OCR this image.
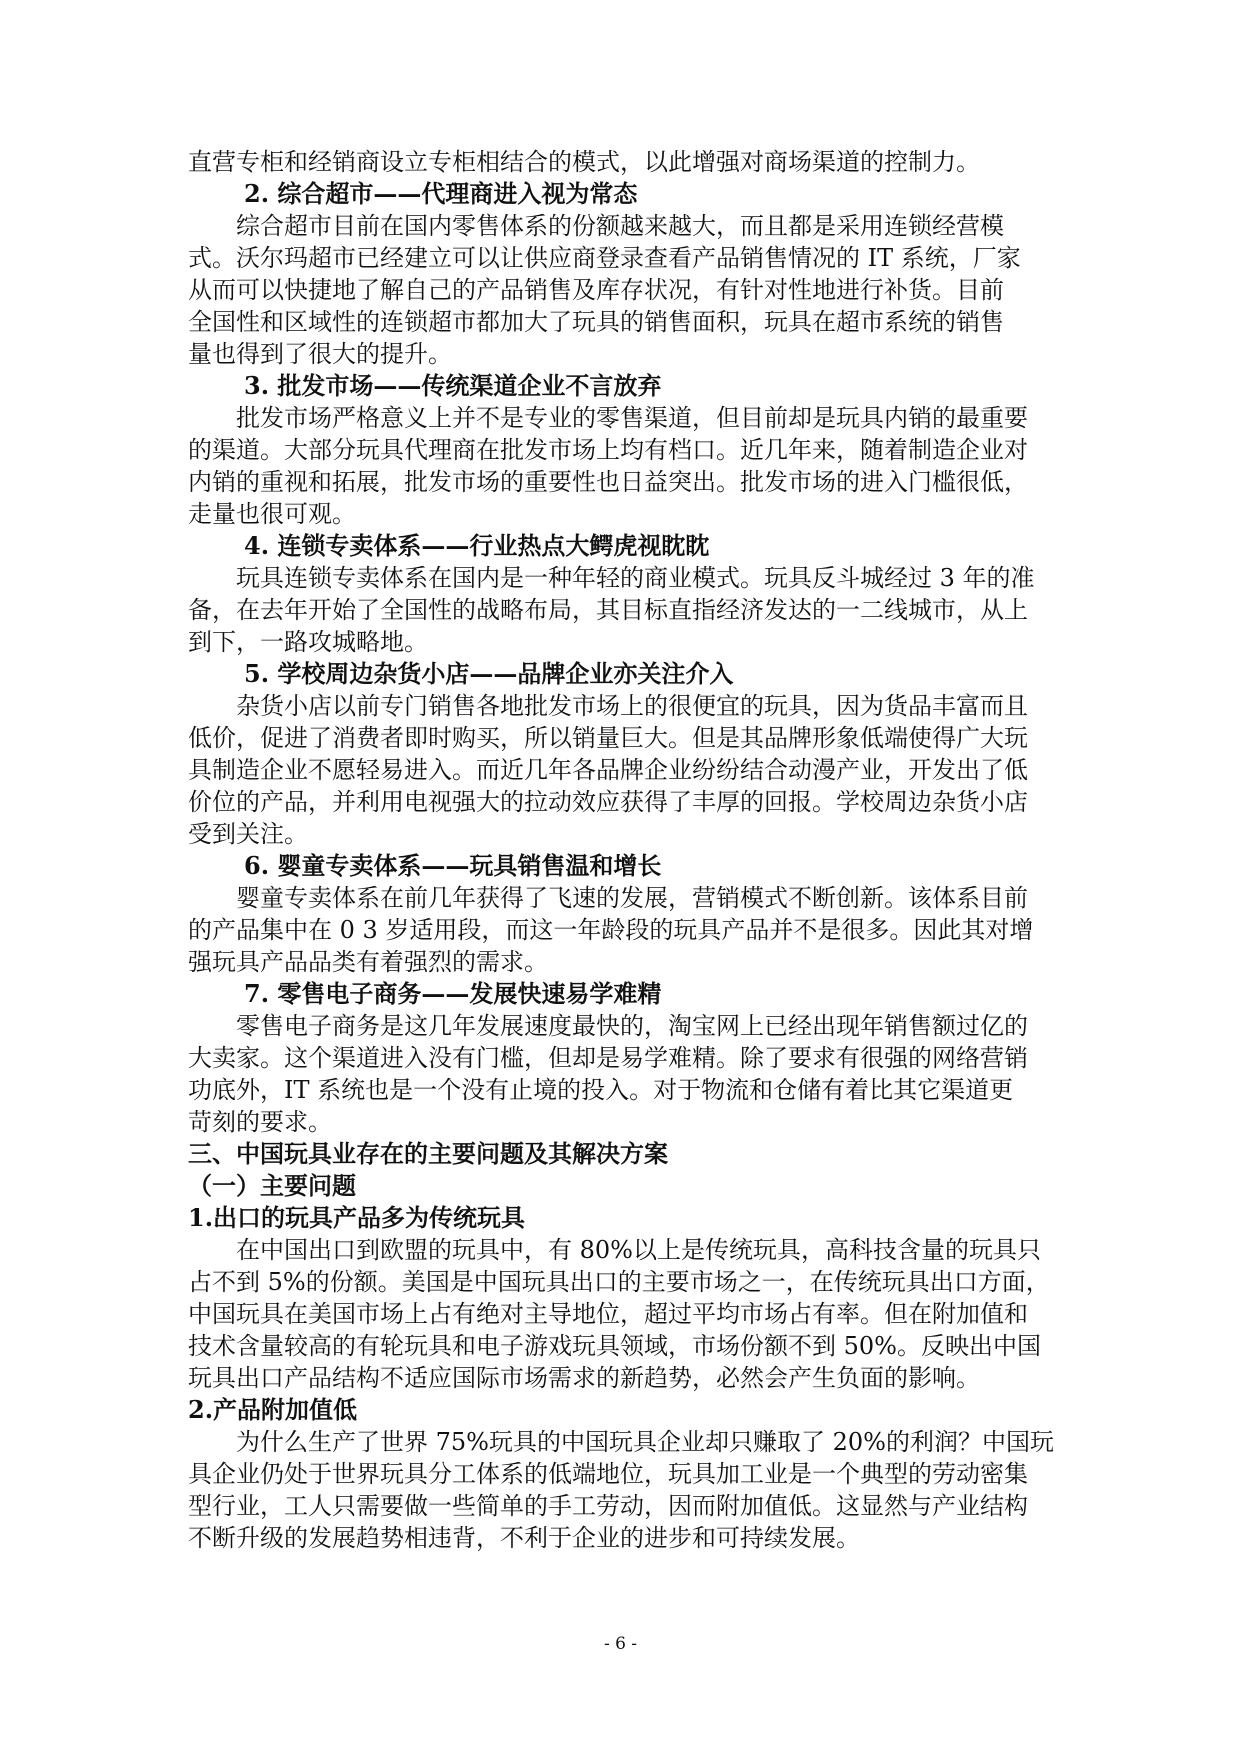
直营专柜和经销商设立专柜相结合的模式，以此增强对商场渠道的控制力。
2. 综合超市——代理商进入视为常态
综合超市目前在国内零售体系的份额越来越大，而且都是采用连锁经营模
式。沃尔玛超市已经建立可以让供应商登录查看产品销售情况的 IT 系统，厂家
从而可以快捷地了解自己的产品销售及库存状况，有针对性地进行补货。目前
全国性和区域性的连锁超市都加大了玩具的销售面积，玩具在超市系统的销售
量也得到了很大的提升。
3. 批发市场——传统渠道企业不言放弃
批发市场严格意义上并不是专业的零售渠道，但目前却是玩具内销的最重要
的渠道。大部分玩具代理商在批发市场上均有档口。近几年来，随着制造企业对
内销的重视和拓展，批发市场的重要性也日益突出。批发市场的进入门槛很低，
走量也很可观。
4. 连锁专卖体系——行业热点大鳄虎视眈眈
玩具连锁专卖体系在国内是一种年轻的商业模式。玩具反斗城经过 3 年的准
备，在去年开始了全国性的战略布局，其目标直指经济发达的一二线城市，从上
到下，一路攻城略地。
5. 学校周边杂货小店——品牌企业亦关注介入
杂货小店以前专门销售各地批发市场上的很便宜的玩具，因为货品丰富而且
低价，促进了消费者即时购买，所以销量巨大。但是其品牌形象低端使得广大玩
具制造企业不愿轻易进入。而近几年各品牌企业纷纷结合动漫产业，开发出了低
价位的产品，并利用电视强大的拉动效应获得了丰厚的回报。学校周边杂货小店
受到关注。
6. 婴童专卖体系——玩具销售温和增长
婴童专卖体系在前几年获得了飞速的发展，营销模式不断创新。该体系目前
的产品集中在 0 3 岁适用段，而这一年龄段的玩具产品并不是很多。因此其对增
强玩具产品品类有着强烈的需求。
7. 零售电子商务——发展快速易学难精
零售电子商务是这几年发展速度最快的，淘宝网上已经出现年销售额过亿的
大卖家。这个渠道进入没有门槛，但却是易学难精。除了要求有很强的网络营销
功底外，IT 系统也是一个没有止境的投入。对于物流和仓储有着比其它渠道更
苛刻的要求。
三、中国玩具业存在的主要问题及其解决方案
（一）主要问题
1.出口的玩具产品多为传统玩具
在中国出口到欧盟的玩具中，有 80%以上是传统玩具，高科技含量的玩具只
占不到 5%的份额。美国是中国玩具出口的主要市场之一，在传统玩具出口方面，
中国玩具在美国市场上占有绝对主导地位，超过平均市场占有率。但在附加值和
技术含量较高的有轮玩具和电子游戏玩具领域，市场份额不到 50%。反映出中国
玩具出口产品结构不适应国际市场需求的新趋势，必然会产生负面的影响。
2.产品附加值低
为什么生产了世界 75%玩具的中国玩具企业却只赚取了 20%的利润？中国玩
具企业仍处于世界玩具分工体系的低端地位，玩具加工业是一个典型的劳动密集
型行业，工人只需要做一些简单的手工劳动，因而附加值低。这显然与产业结构
不断升级的发展趋势相违背，不利于企业的进步和可持续发展。
- 6 -
